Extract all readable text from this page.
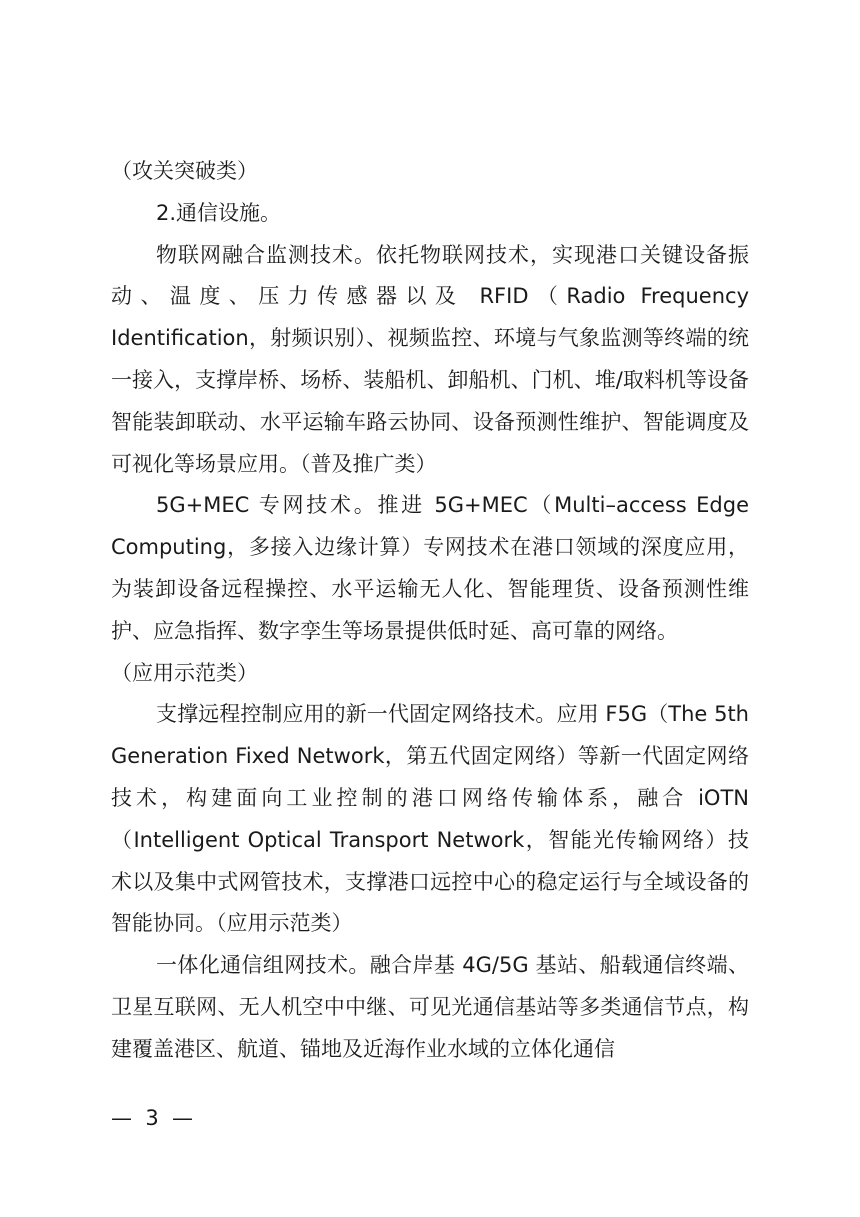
（攻关突破类）

2.通信设施。

物联网融合监测技术。依托物联网技术，实现港口关键设备振动、温度、压力传感器以及 RFID（Radio Frequency Identification，射频识别）、视频监控、环境与气象监测等终端的统一接入，支撑岸桥、场桥、装船机、卸船机、门机、堆/取料机等设备智能装卸联动、水平运输车路云协同、设备预测性维护、智能调度及可视化等场景应用。（普及推广类）

5G+MEC 专网技术。推进 5G+MEC（Multi–access Edge Computing，多接入边缘计算）专网技术在港口领域的深度应用，为装卸设备远程操控、水平运输无人化、智能理货、设备预测性维护、应急指挥、数字孪生等场景提供低时延、高可靠的网络。

（应用示范类）

支撑远程控制应用的新一代固定网络技术。应用 F5G（The 5th Generation Fixed Network，第五代固定网络）等新一代固定网络技术，构建面向工业控制的港口网络传输体系，融合 iOTN（Intelligent Optical Transport Network，智能光传输网络）技术以及集中式网管技术，支撑港口远控中心的稳定运行与全域设备的智能协同。（应用示范类）

一体化通信组网技术。融合岸基 4G/5G 基站、船载通信终端、卫星互联网、无人机空中中继、可见光通信基站等多类通信节点，构建覆盖港区、航道、锚地及近海作业水域的立体化通信

—  3  —
